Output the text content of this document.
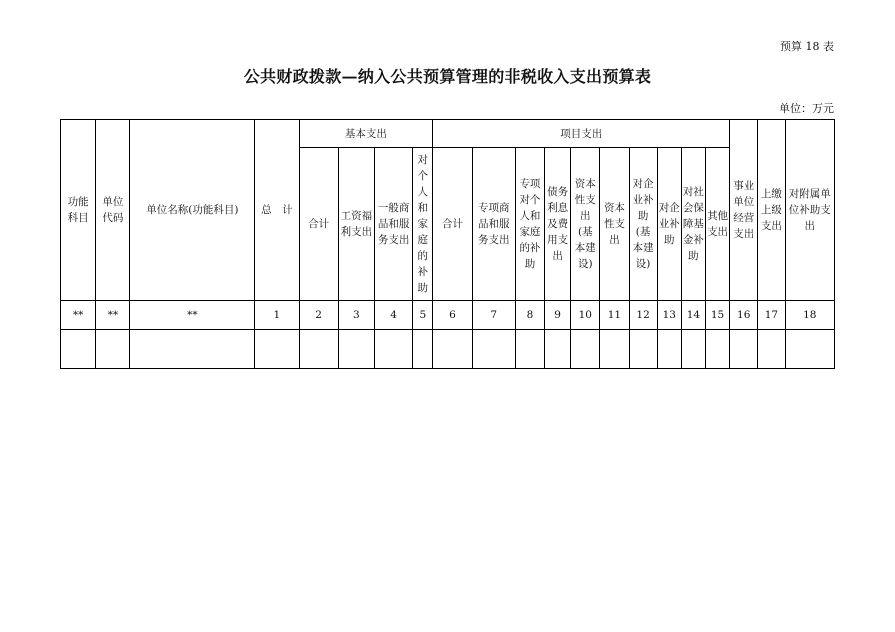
预算 18 表
公共财政拨款—纳入公共预算管理的非税收入支出预算表
单位：万元
功能科目	单位代码	单位名称(功能科目)	总　计	基本支出				项目支出										事业单位经营支出	上缴上级支出	对附属单位补助支出
				合计	工资福利支出	一般商品和服务支出	对个人和家庭的补助	合计	专项商品和服务支出	专项对个人和家庭的补助	债务利息及费用支出	资本性支出(基本建设)	资本性支出	对企业补助(基本建设)	对企业补助	对社会保障基金补助	其他支出			
**	**	**	1	2	3	4	5	6	7	8	9	10	11	12	13	14	15	16	17	18
